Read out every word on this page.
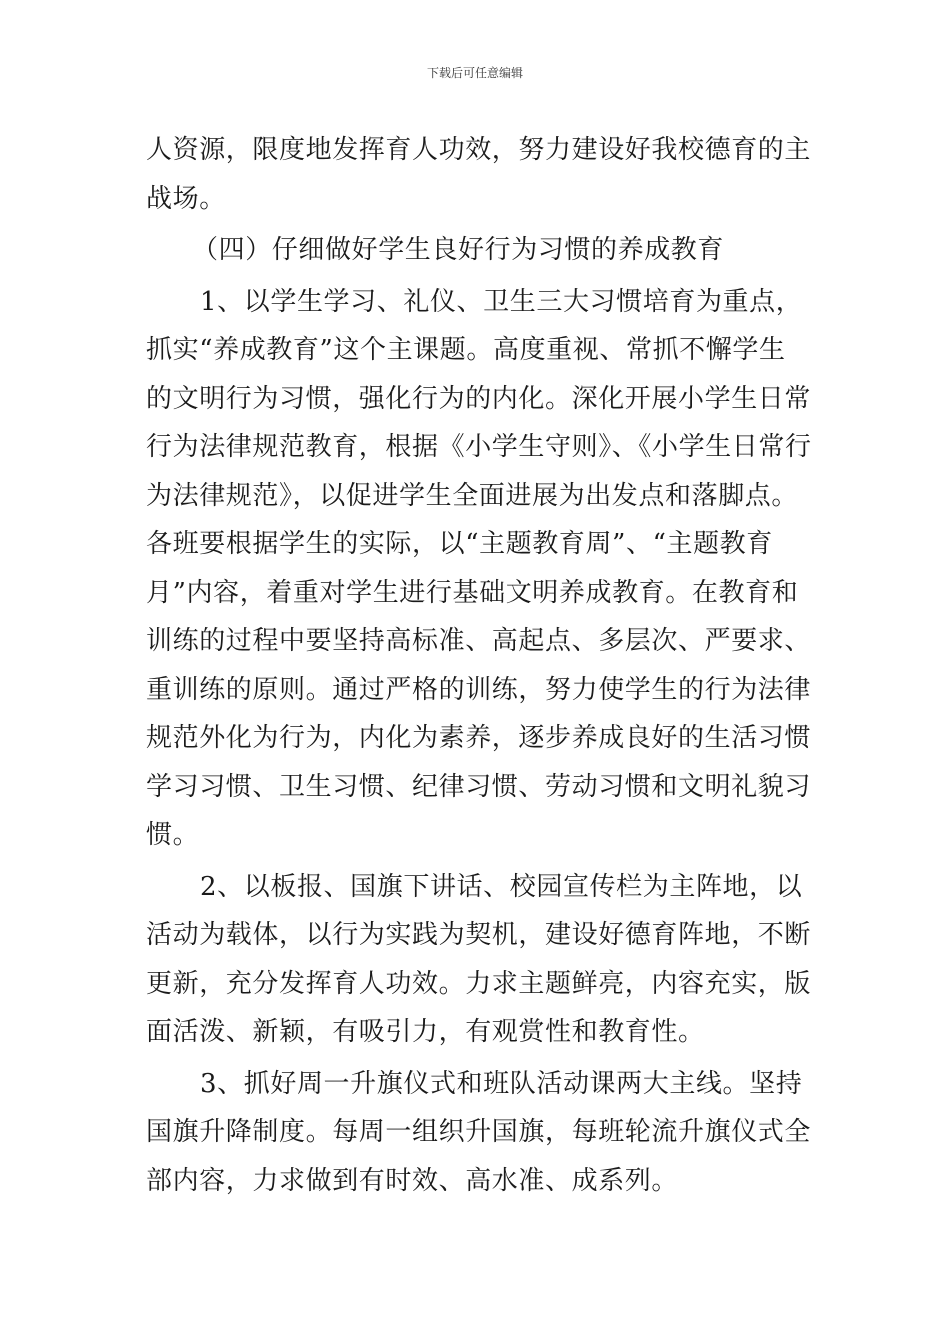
下载后可任意编辑

人资源，限度地发挥育人功效，努力建设好我校德育的主战场。

（四）仔细做好学生良好行为习惯的养成教育

1、以学生学习、礼仪、卫生三大习惯培育为重点，抓实“养成教育”这个主课题。高度重视、常抓不懈学生的文明行为习惯，强化行为的内化。深化开展小学生日常行为法律规范教育，根据《小学生守则》、《小学生日常行为法律规范》，以促进学生全面进展为出发点和落脚点。各班要根据学生的实际，以“主题教育周”、“主题教育月”内容，着重对学生进行基础文明养成教育。在教育和训练的过程中要坚持高标准、高起点、多层次、严要求、重训练的原则。通过严格的训练，努力使学生的行为法律规范外化为行为，内化为素养，逐步养成良好的生活习惯学习习惯、卫生习惯、纪律习惯、劳动习惯和文明礼貌习惯。

2、以板报、国旗下讲话、校园宣传栏为主阵地，以活动为载体，以行为实践为契机，建设好德育阵地，不断更新，充分发挥育人功效。力求主题鲜亮，内容充实，版面活泼、新颖，有吸引力，有观赏性和教育性。

3、抓好周一升旗仪式和班队活动课两大主线。坚持国旗升降制度。每周一组织升国旗，每班轮流升旗仪式全部内容，力求做到有时效、高水准、成系列。
